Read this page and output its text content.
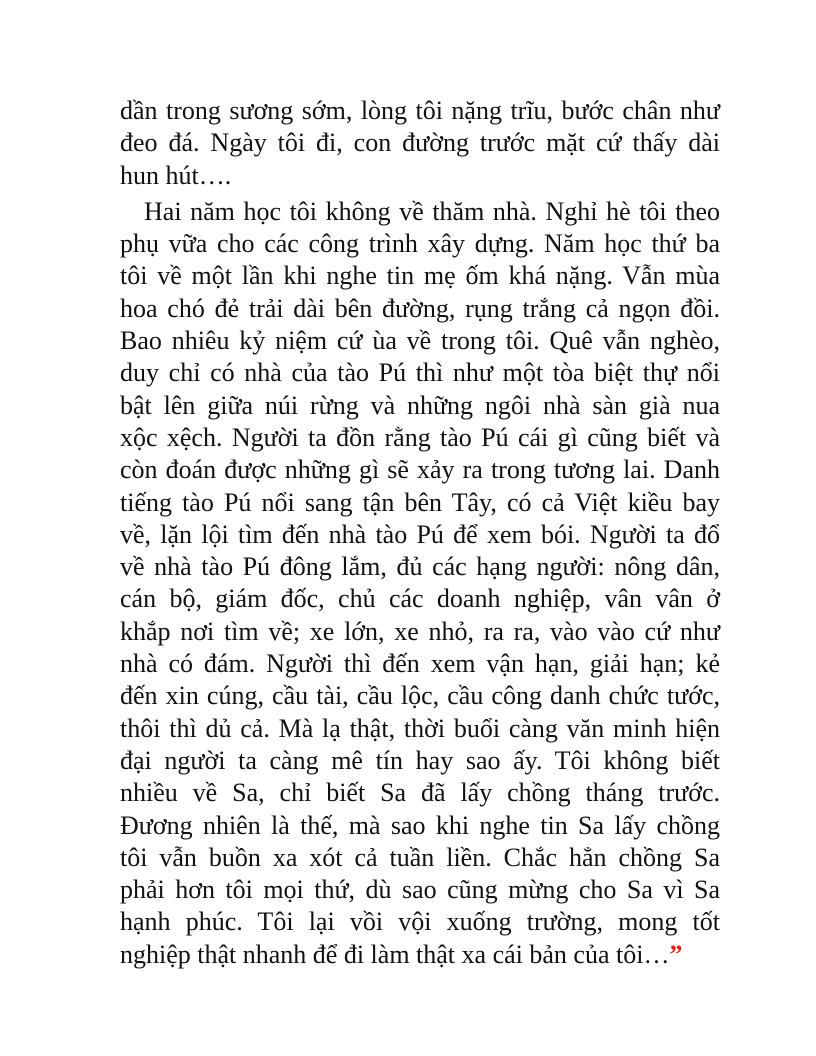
dần trong sương sớm, lòng tôi nặng trĩu, bước chân như
đeo đá. Ngày tôi đi, con đường trước mặt cứ thấy dài
hun hút….

Hai năm học tôi không về thăm nhà. Nghỉ hè tôi theo
phụ vữa cho các công trình xây dựng. Năm học thứ ba
tôi về một lần khi nghe tin mẹ ốm khá nặng. Vẫn mùa
hoa chó đẻ trải dài bên đường, rụng trắng cả ngọn đồi.
Bao nhiêu kỷ niệm cứ ùa về trong tôi. Quê vẫn nghèo,
duy chỉ có nhà của tào Pú thì như một tòa biệt thự nổi
bật lên giữa núi rừng và những ngôi nhà sàn già nua
xộc xệch. Người ta đồn rằng tào Pú cái gì cũng biết và
còn đoán được những gì sẽ xảy ra trong tương lai. Danh
tiếng tào Pú nổi sang tận bên Tây, có cả Việt kiều bay
về, lặn lội tìm đến nhà tào Pú để xem bói. Người ta đổ
về nhà tào Pú đông lắm, đủ các hạng người: nông dân,
cán bộ, giám đốc, chủ các doanh nghiệp, vân vân ở
khắp nơi tìm về; xe lớn, xe nhỏ, ra ra, vào vào cứ như
nhà có đám. Người thì đến xem vận hạn, giải hạn; kẻ
đến xin cúng, cầu tài, cầu lộc, cầu công danh chức tước,
thôi thì dủ cả. Mà lạ thật, thời buổi càng văn minh hiện
đại người ta càng mê tín hay sao ấy. Tôi không biết
nhiều về Sa, chỉ biết Sa đã lấy chồng tháng trước.
Đương nhiên là thế, mà sao khi nghe tin Sa lấy chồng
tôi vẫn buồn xa xót cả tuần liền. Chắc hẳn chồng Sa
phải hơn tôi mọi thứ, dù sao cũng mừng cho Sa vì Sa
hạnh phúc. Tôi lại vồi vội xuống trường, mong tốt
nghiệp thật nhanh để đi làm thật xa cái bản của tôi…”
